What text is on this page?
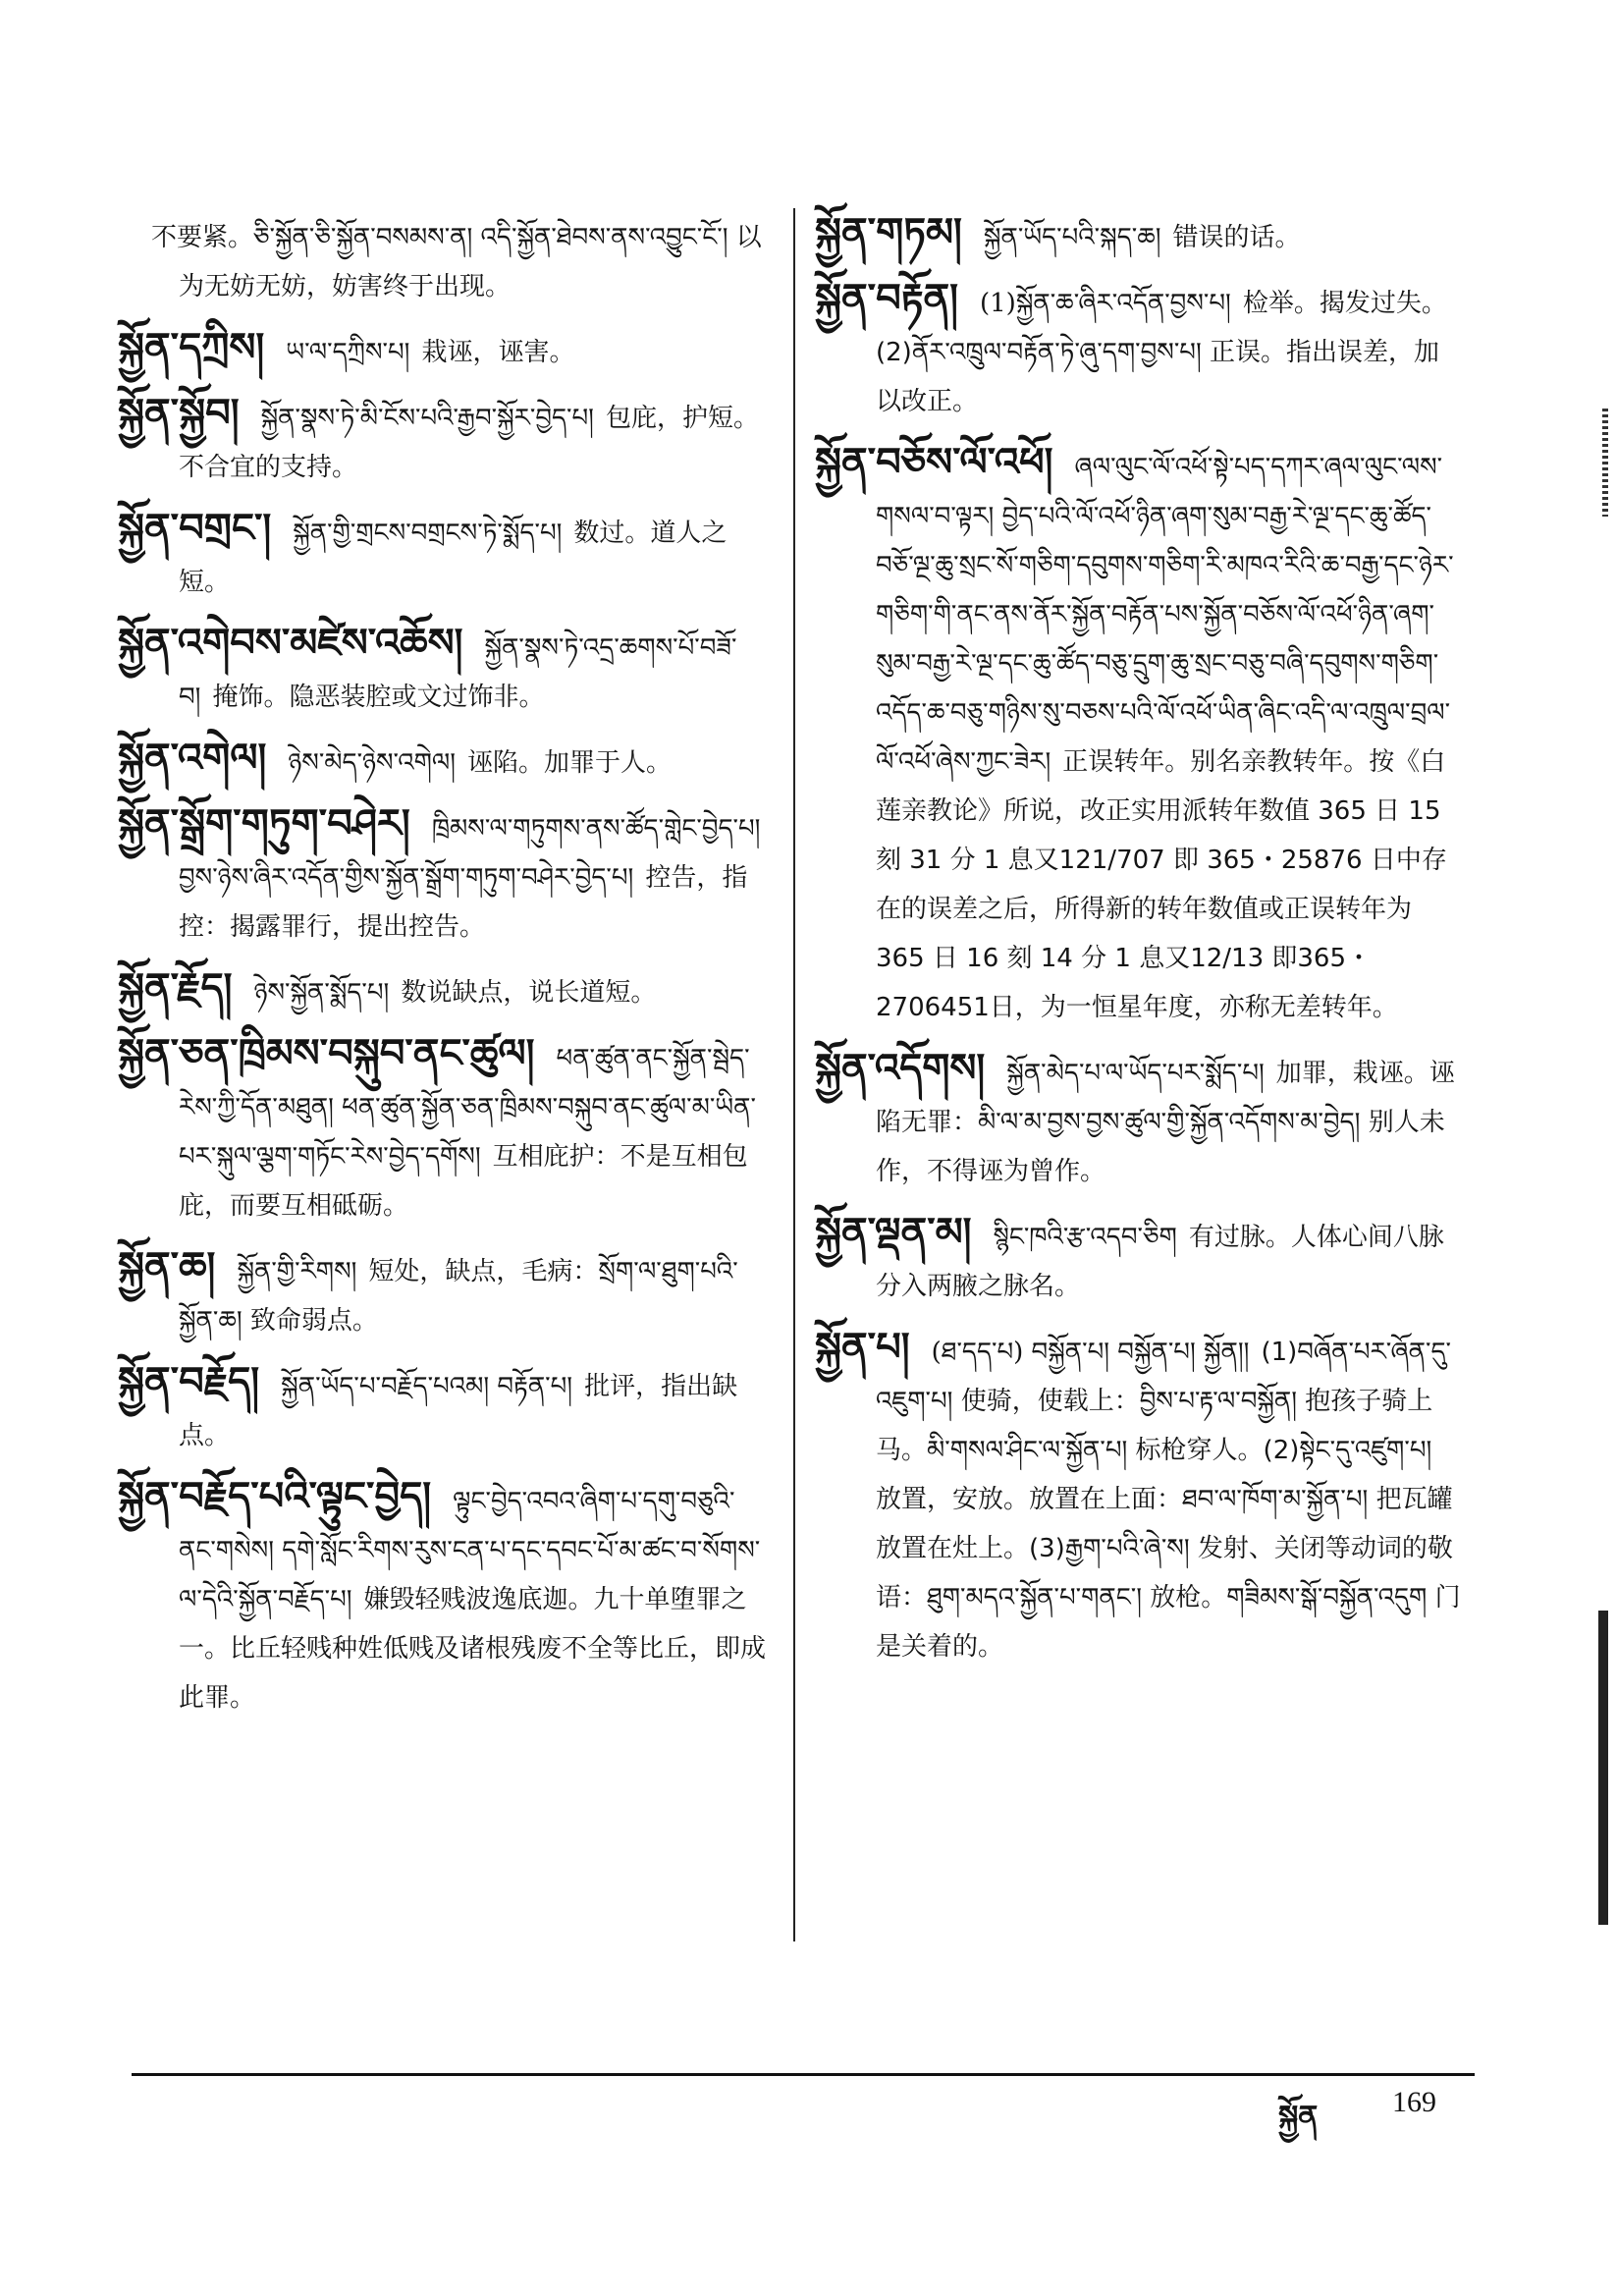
不要紧。ཅི་སྐྱོན་ཅི་སྐྱོན་བསམས་ན། འདི་སྐྱོན་ཐེབས་ནས་འབྱུང་ངོ་། 以为无妨无妨，妨害终于出现。

སྐྱོན་དཀྲིས། ཡ་ལ་དཀྲིས་པ། 栽诬，诬害。

སྐྱོན་སྐྱོབ། སྐྱོན་སྣས་ཏེ་མི་ངོས་པའི་རྒྱབ་སྐྱོར་བྱེད་པ། 包庇，护短。不合宜的支持。

སྐྱོན་བགྲང་། སྐྱོན་གྱི་གྲངས་བགྲངས་ཏེ་སྨོད་པ། 数过。道人之短。

སྐྱོན་འགེབས་མཛེས་འཆོས། སྐྱོན་སྣས་ཏེ་འདྲ་ཆགས་པོ་བཟོ་བ། 掩饰。隐恶装腔或文过饰非。

སྐྱོན་འགེལ། ཉེས་མེད་ཉེས་འགེལ། 诬陷。加罪于人。

སྐྱོན་སྒྲོག་གཏུག་བཤེར། ཁྲིམས་ལ་གཏུགས་ནས་ཚོད་གླེང་བྱེད་པ། བྱས་ཉེས་ཞིར་འདོན་གྱིས་སྐྱོན་སྒྲོག་གཏུག་བཤེར་བྱེད་པ། 控告，指控：揭露罪行，提出控告。

སྐྱོན་རྗོད། ཉེས་སྐྱོན་སྨོད་པ། 数说缺点，说长道短。

སྐྱོན་ཅན་ཁྲིམས་བསྐུབ་ནང་ཚུལ། ཕན་ཚུན་ནང་སྐྱོན་སྦེད་རེས་ཀྱི་དོན་མཐུན། ཕན་ཚུན་སྐྱོན་ཅན་ཁྲིམས་བསྐུབ་ནང་ཚུལ་མ་ཡིན་པར་སྐུལ་ལྕག་གཏོང་རེས་བྱེད་དགོས། 互相庇护：不是互相包庇，而要互相砥砺。

སྐྱོན་ཆ། སྐྱོན་གྱི་རིགས། 短处，缺点，毛病：སྲོག་ལ་ཐུག་པའི་སྐྱོན་ཆ། 致命弱点。

སྐྱོན་བརྗོད། སྐྱོན་ཡོད་པ་བརྗོད་པའམ། བརྟོན་པ། 批评，指出缺点。

སྐྱོན་བརྗོད་པའི་ལྟུང་བྱེད། ལྟུང་བྱེད་འབའ་ཞིག་པ་དགུ་བཅུའི་ནང་གསེས། དགེ་སློང་རིགས་རུས་ངན་པ་དང་དབང་པོ་མ་ཚང་བ་སོགས་ལ་དེའི་སྐྱོན་བརྗོད་པ། 嫌毁轻贱波逸底迦。九十单堕罪之一。比丘轻贱种姓低贱及诸根残废不全等比丘，即成此罪。

སྐྱོན་གཏམ། སྐྱོན་ཡོད་པའི་སྐད་ཆ། 错误的话。

སྐྱོན་བརྟོན། (1)སྐྱོན་ཆ་ཞིར་འདོན་བྱས་པ། 检举。揭发过失。(2)ནོར་འཁྲུལ་བརྟོན་ཏེ་ཞུ་དག་བྱས་པ། 正误。指出误差，加以改正。

སྐྱོན་བཅོས་ལོ་འཕོ། ཞལ་ལུང་ལོ་འཕོ་སྟེ་པད་དཀར་ཞལ་ལུང་ལས་གསལ་བ་ལྟར། བྱེད་པའི་ལོ་འཕོ་ཉིན་ཞག་སུམ་བརྒྱ་རེ་ལྔ་དང་ཆུ་ཚོད་བཅོ་ལྔ་ཆུ་སྲང་སོ་གཅིག་དབུགས་གཅིག་རི་མཁའ་རིའི་ཆ་བརྒྱ་དང་ཉེར་གཅིག་གི་ནང་ནས་ནོར་སྐྱོན་བརྟོན་པས་སྐྱོན་བཅོས་ལོ་འཕོ་ཉིན་ཞག་སུམ་བརྒྱ་རེ་ལྔ་དང་ཆུ་ཚོད་བཅུ་དྲུག་ཆུ་སྲང་བཅུ་བཞི་དབུགས་གཅིག་འདོད་ཆ་བཅུ་གཉིས་སུ་བཅས་པའི་ལོ་འཕོ་ཡིན་ཞིང་འདི་ལ་འཁྲུལ་བྲལ་ལོ་འཕོ་ཞེས་ཀྱང་ཟེར། 正误转年。别名亲教转年。按《白莲亲教论》所说，改正实用派转年数值 365 日 15 刻 31 分 1 息又121/707 即 365・25876 日中存在的误差之后，所得新的转年数值或正误转年为 365 日 16 刻 14 分 1 息又12/13 即365・2706451日，为一恒星年度，亦称无差转年。

སྐྱོན་འདོགས། སྐྱོན་མེད་པ་ལ་ཡོད་པར་སྨོད་པ། 加罪，栽诬。诬陷无罪：མི་ལ་མ་བྱས་བྱས་ཚུལ་གྱི་སྐྱོན་འདོགས་མ་བྱེད། 别人未作，不得诬为曾作。

སྐྱོན་ལྡན་མ། སྙིང་ཁའི་རྩ་འདབ་ཅིག 有过脉。人体心间八脉分入两腋之脉名。

སྐྱོན་པ། (ཐ་དད་པ) བསྐྱོན་པ། བསྐྱོན་པ། སྐྱོན།། (1)བཞོན་པར་ཞོན་དུ་འཇུག་པ། 使骑，使载上：བྱིས་པ་རྟ་ལ་བསྐྱོན། 抱孩子骑上马。མི་གསལ་ཤིང་ལ་སྐྱོན་པ། 标枪穿人。(2)སྟེང་དུ་འཛུག་པ། 放置，安放。放置在上面：ཐབ་ལ་ཁོག་མ་སྐྱོན་པ། 把瓦罐放置在灶上。(3)རྒྱག་པའི་ཞེ་ས། 发射、关闭等动词的敬语：ཐུག་མདའ་སྐྱོན་པ་གནང་། 放枪。གཟིམས་སྒོ་བསྐྱོན་འདུག 门是关着的。

སྐྱོན	169
